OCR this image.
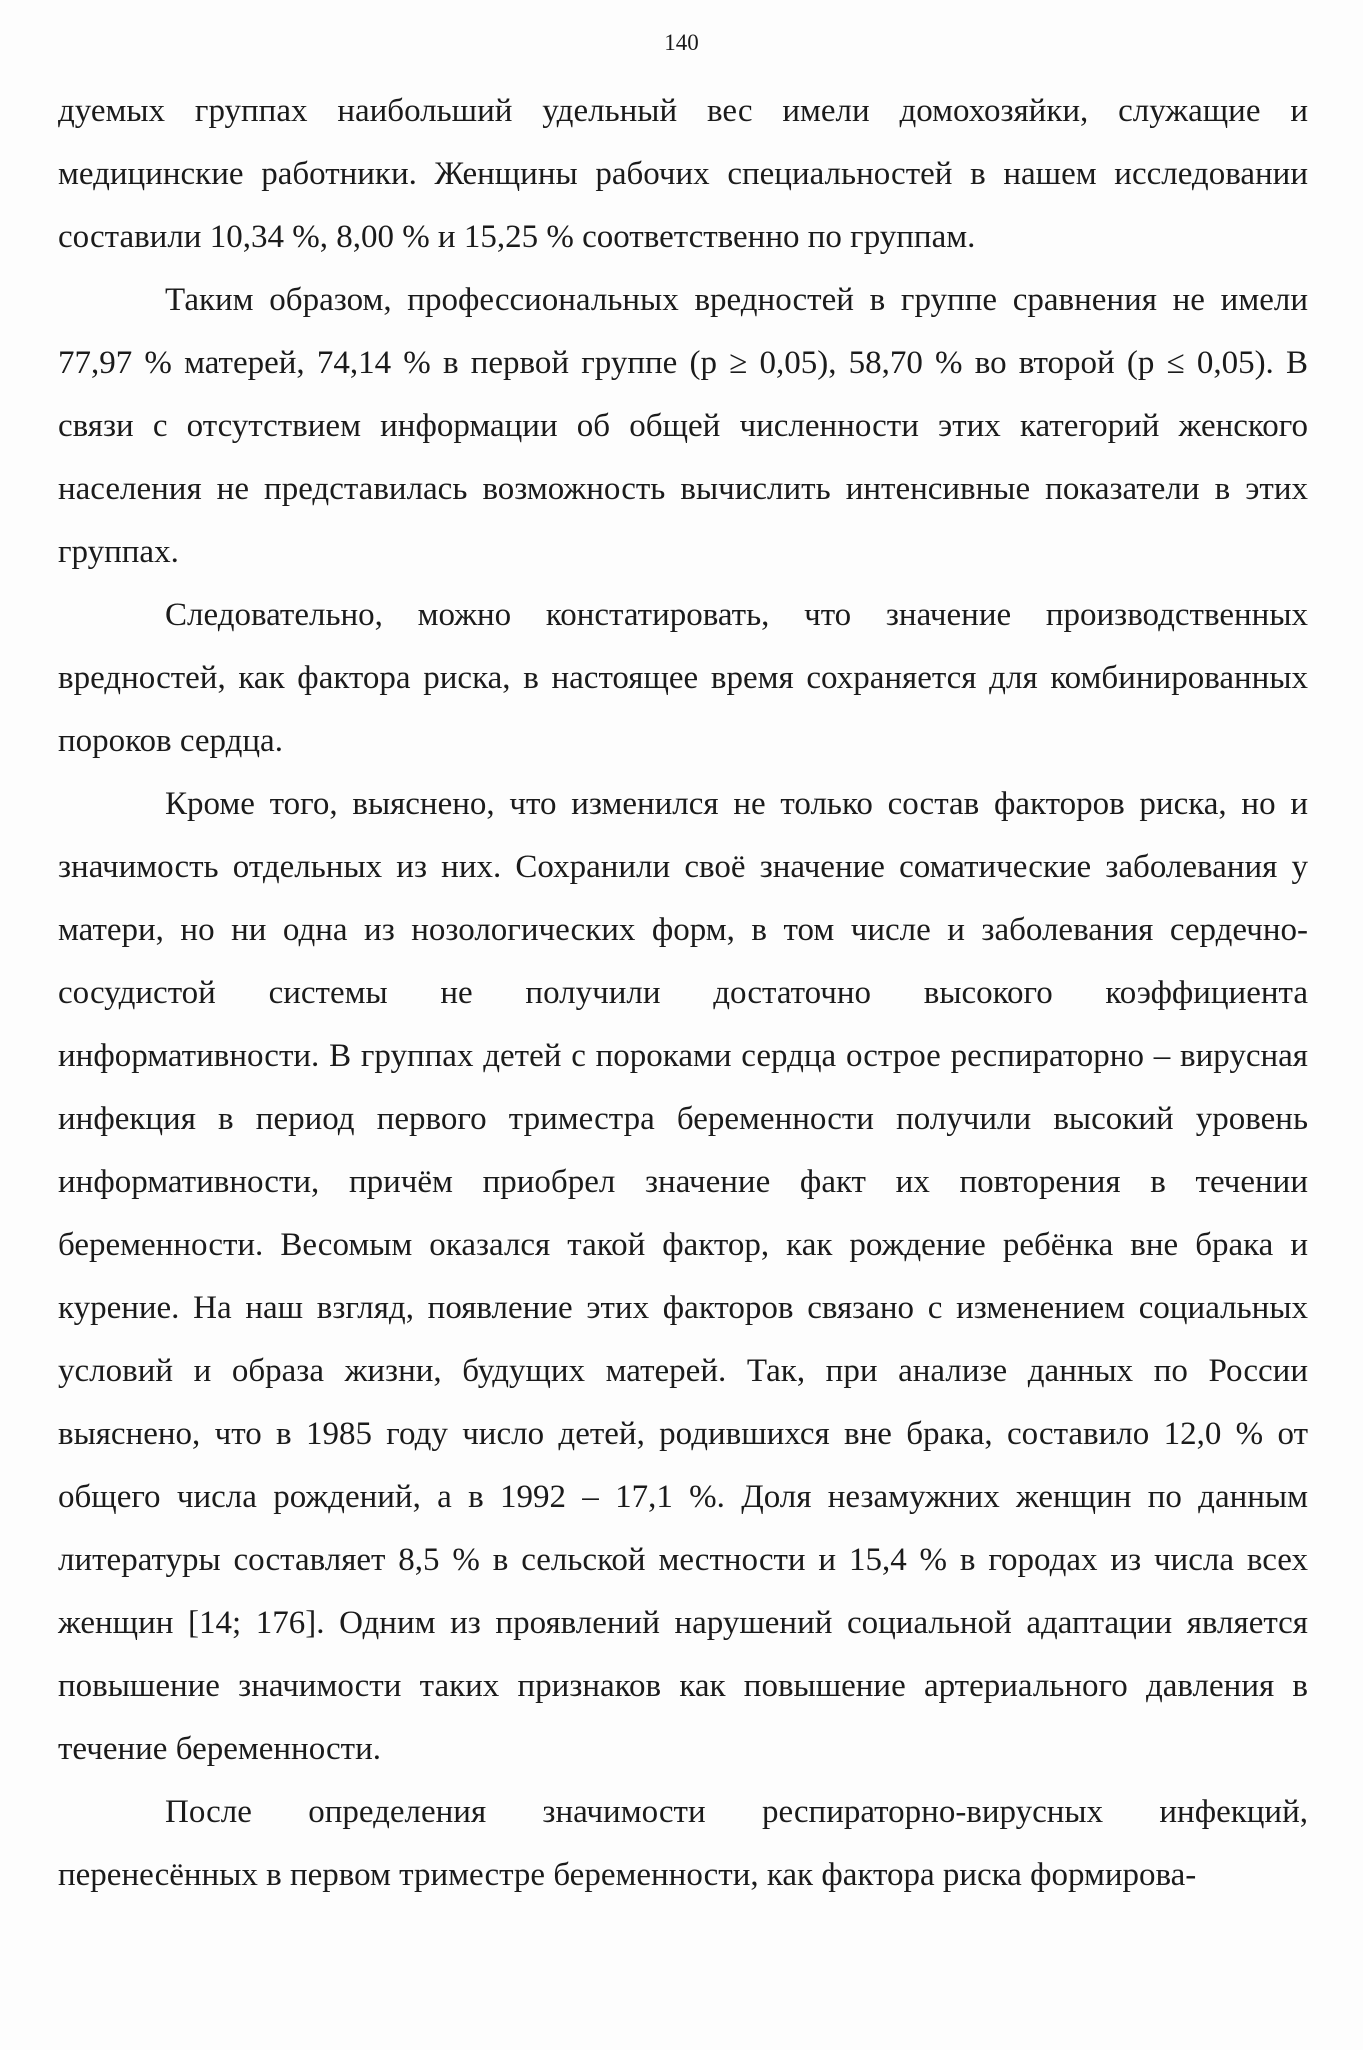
140

дуемых группах наибольший удельный вес имели домохозяйки, служащие и медицинские работники. Женщины рабочих специальностей в нашем исследовании составили 10,34 %, 8,00 % и 15,25 % соответственно по группам.

Таким образом, профессиональных вредностей в группе сравнения не имели 77,97 % матерей, 74,14 % в первой группе (р ≥ 0,05), 58,70 % во второй (р ≤ 0,05). В связи с отсутствием информации об общей численности этих категорий женского населения не представилась возможность вычислить интенсивные показатели в этих группах.

Следовательно, можно констатировать, что значение производственных вредностей, как фактора риска, в настоящее время сохраняется для комбинированных пороков сердца.

Кроме того, выяснено, что изменился не только состав факторов риска, но и значимость отдельных из них. Сохранили своё значение соматические заболевания у матери, но ни одна из нозологических форм, в том числе и заболевания сердечно-сосудистой системы не получили достаточно высокого коэффициента информативности. В группах детей с пороками сердца острое респираторно – вирусная инфекция в период первого триместра беременности получили высокий уровень информативности, причём приобрел значение факт их повторения в течении беременности. Весомым оказался такой фактор, как рождение ребёнка вне брака и курение. На наш взгляд, появление этих факторов связано с изменением социальных условий и образа жизни, будущих матерей. Так, при анализе данных по России выяснено, что в 1985 году число детей, родившихся вне брака, составило 12,0 % от общего числа рождений, а в 1992 – 17,1 %. Доля незамужних женщин по данным литературы составляет 8,5 % в сельской местности и 15,4 % в городах из числа всех женщин [14; 176]. Одним из проявлений нарушений социальной адаптации является повышение значимости таких признаков как повышение артериального давления в течение беременности.

После определения значимости респираторно-вирусных инфекций, перенесённых в первом триместре беременности, как фактора риска формирова-
